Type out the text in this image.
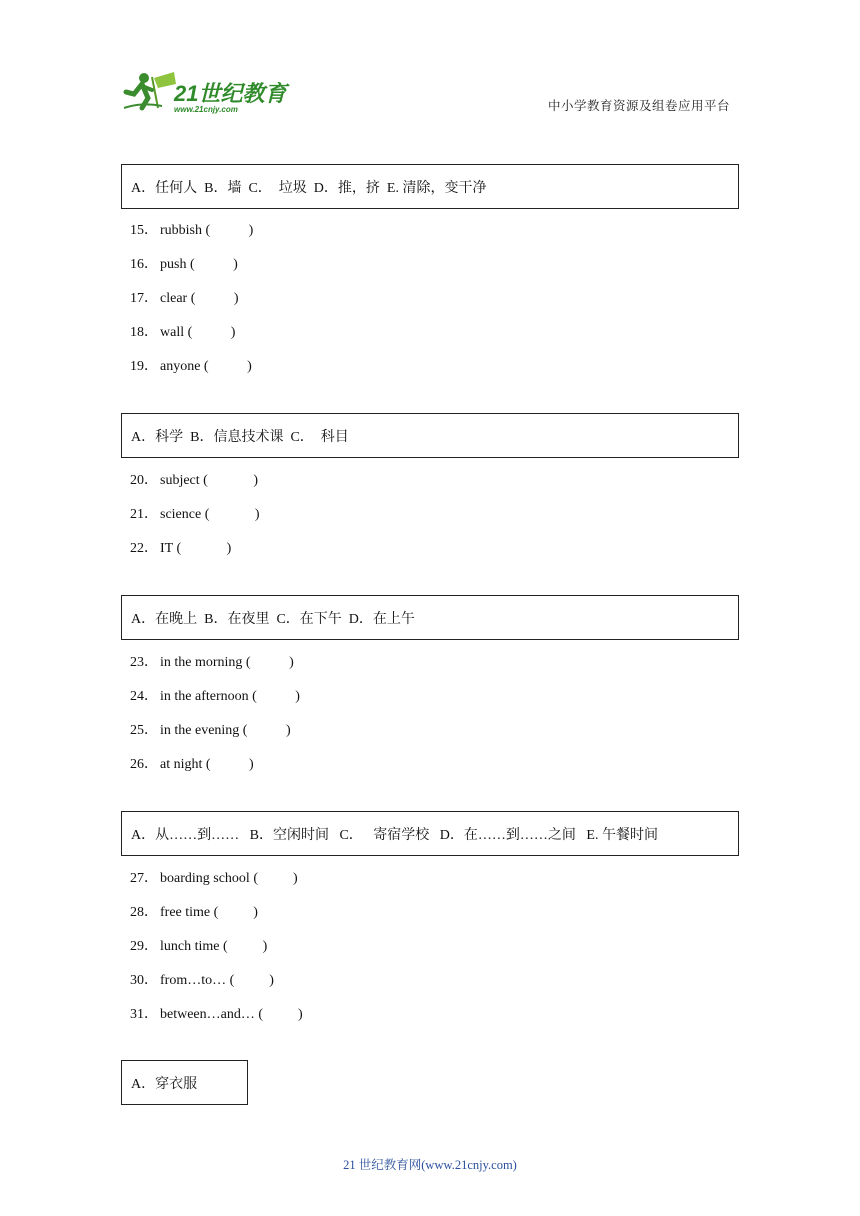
21世纪教育
www.21cnjy.com	中小学教育资源及组卷应用平台
A．任何人  B．墙  C．  垃圾  D．推，挤  E. 清除，变干净
15． rubbish (           )
16． push (           )
17． clear (           )
18． wall (           )
19． anyone (           )
A．科学  B．信息技术课  C．  科目
20． subject (             )
21． science (             )
22． IT (             )
A．在晚上  B．在夜里  C．在下午  D．在上午
23． in the morning (           )
24． in the afternoon (           )
25． in the evening (           )
26． at night (           )
A．从……到……   B．空闲时间   C．   寄宿学校   D．在……到……之间   E. 午餐时间
27． boarding school (          )
28． free time (          )
29． lunch time (          )
30． from…to… (          )
31． between…and… (          )
A．穿衣服
21 世纪教育网(www.21cnjy.com)
